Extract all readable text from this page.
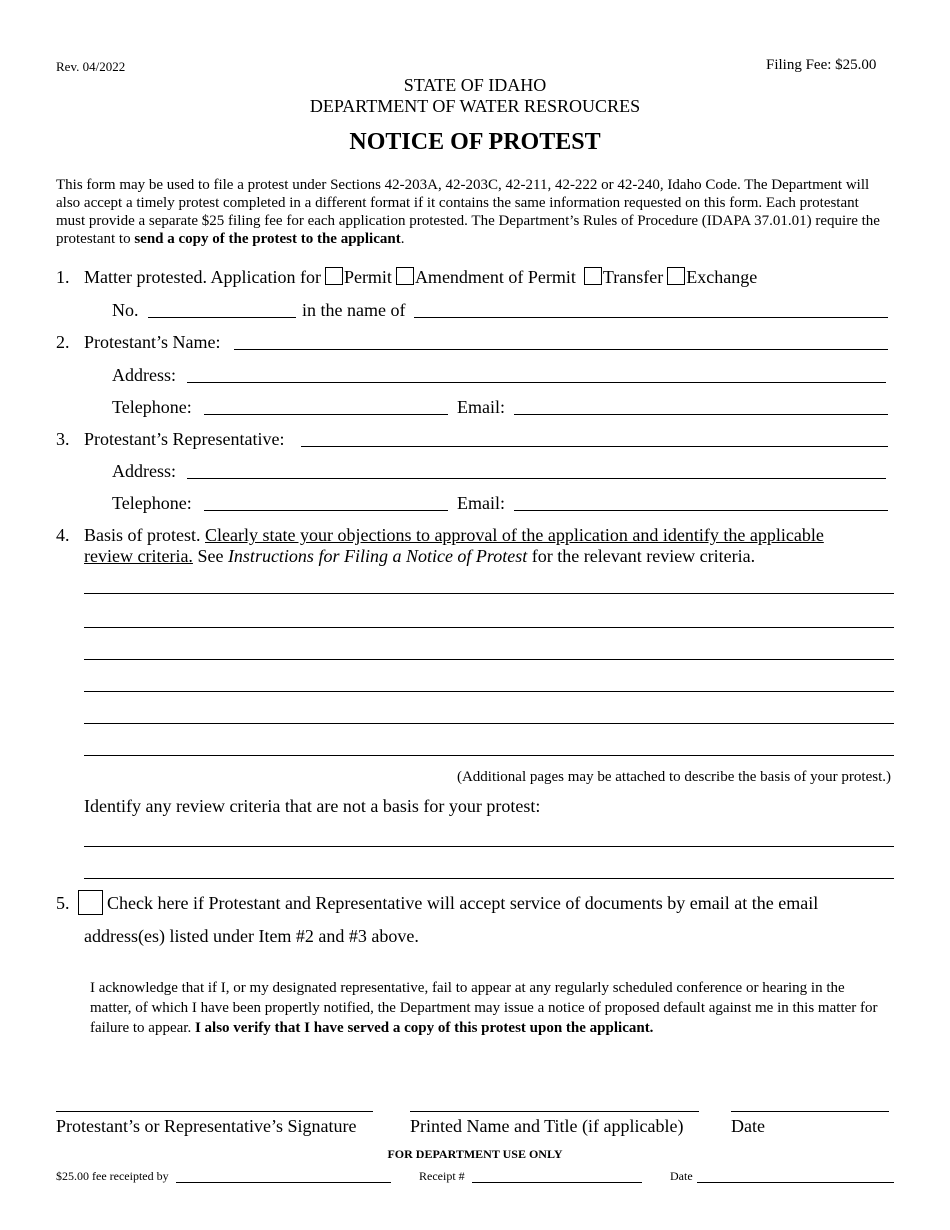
Rev. 04/2022	Filing Fee: $25.00
STATE OF IDAHO
DEPARTMENT OF WATER RESROUCRES
NOTICE OF PROTEST
This form may be used to file a protest under Sections 42-203A, 42-203C, 42-211, 42-222 or 42-240, Idaho Code. The Department will also accept a timely protest completed in a different format if it contains the same information requested on this form. Each protestant must provide a separate $25 filing fee for each application protested. The Department’s Rules of Procedure (IDAPA 37.01.01) require the protestant to send a copy of the protest to the applicant.
1. Matter protested. Application for Permit Amendment of Permit Transfer Exchange
No.	in the name of
2. Protestant’s Name:
Address:
Telephone:	Email:
3. Protestant’s Representative:
Address:
Telephone:	Email:
4. Basis of protest. Clearly state your objections to approval of the application and identify the applicable
review criteria. See Instructions for Filing a Notice of Protest for the relevant review criteria.
(Additional pages may be attached to describe the basis of your protest.)
Identify any review criteria that are not a basis for your protest:
5. Check here if Protestant and Representative will accept service of documents by email at the email
address(es) listed under Item #2 and #3 above.
I acknowledge that if I, or my designated representative, fail to appear at any regularly scheduled conference or hearing in the matter, of which I have been propertly notified, the Department may issue a notice of proposed default against me in this matter for failure to appear. I also verify that I have served a copy of this protest upon the applicant.
Protestant’s or Representative’s Signature	Printed Name and Title (if applicable)	Date
FOR DEPARTMENT USE ONLY
$25.00 fee receipted by	Receipt #	Date
